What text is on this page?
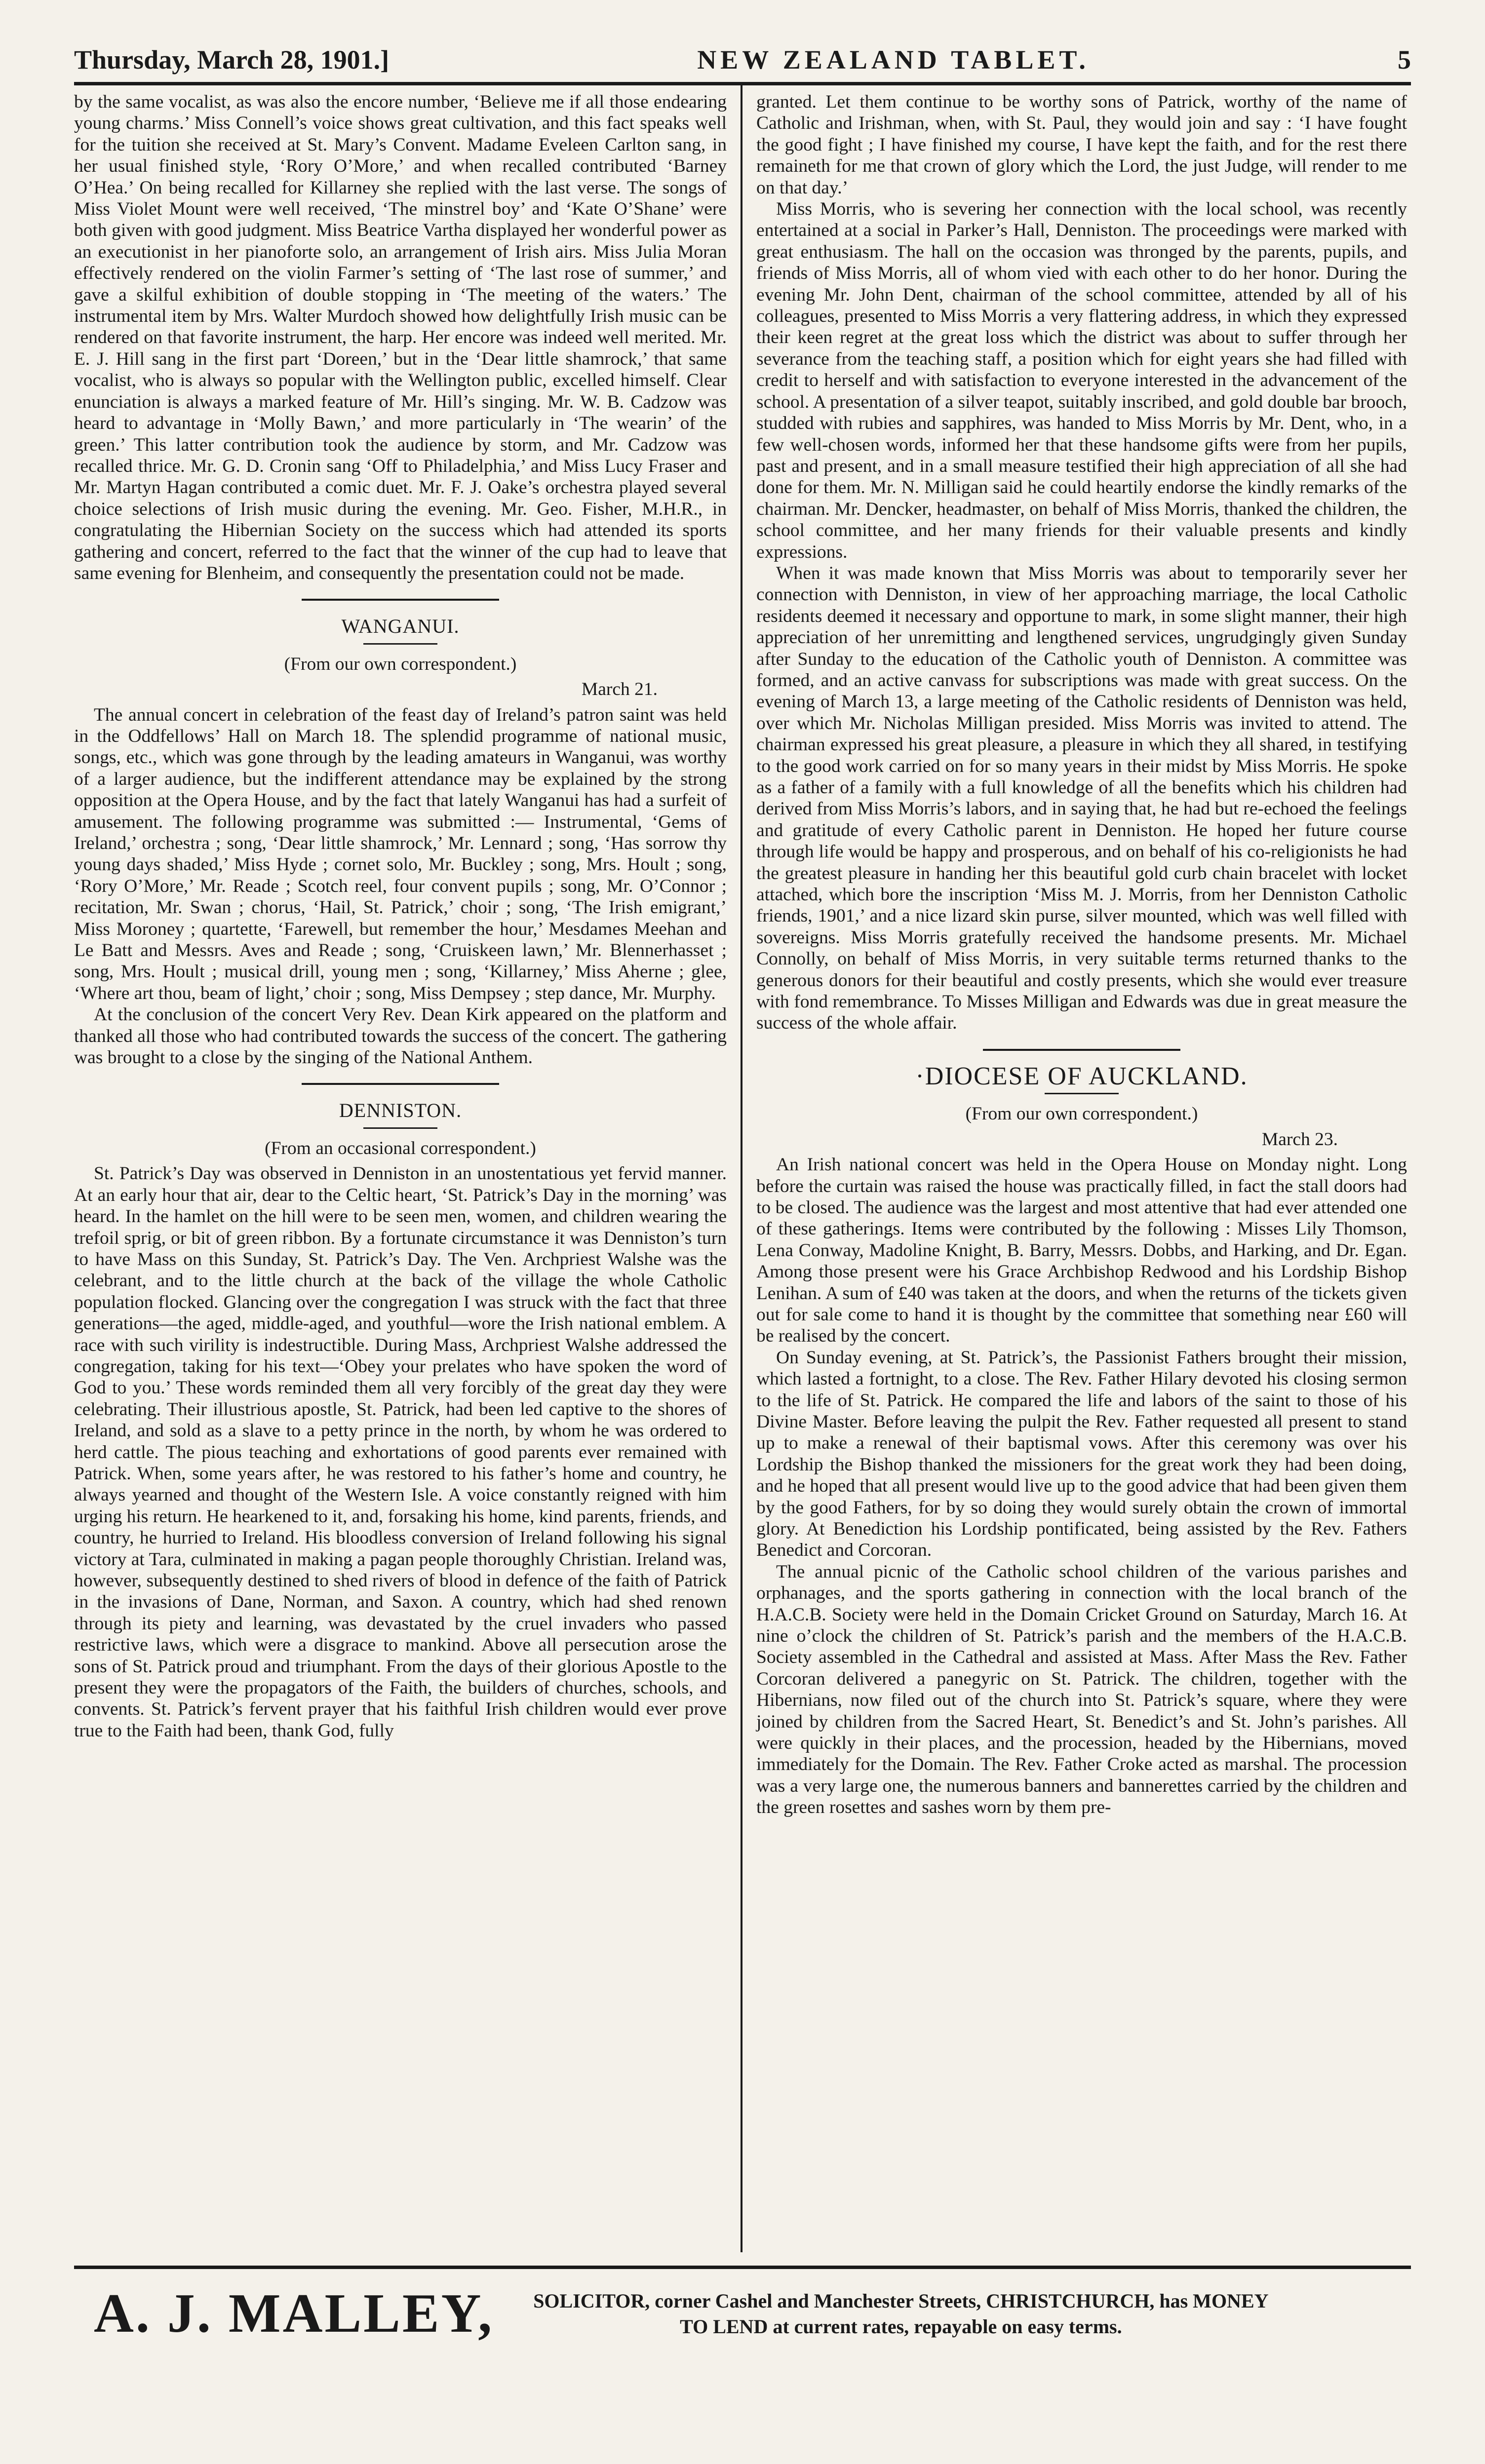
Thursday, March 28, 1901.]	NEW ZEALAND TABLET.	5

by the same vocalist, as was also the encore number, ‘Believe me if all those endearing young charms.’ Miss Connell’s voice shows great cultivation, and this fact speaks well for the tuition she received at St. Mary’s Convent. Madame Eveleen Carlton sang, in her usual finished style, ‘Rory O’More,’ and when recalled contributed ‘Barney O’Hea.’ On being recalled for Killarney she replied with the last verse. The songs of Miss Violet Mount were well received, ‘The minstrel boy’ and ‘Kate O’Shane’ were both given with good judgment. Miss Beatrice Vartha displayed her wonderful power as an executionist in her pianoforte solo, an arrangement of Irish airs. Miss Julia Moran effectively rendered on the violin Farmer’s setting of ‘The last rose of summer,’ and gave a skilful exhibition of double stopping in ‘The meeting of the waters.’ The instrumental item by Mrs. Walter Murdoch showed how delightfully Irish music can be rendered on that favorite instrument, the harp. Her encore was indeed well merited. Mr. E. J. Hill sang in the first part ‘Doreen,’ but in the ‘Dear little shamrock,’ that same vocalist, who is always so popular with the Wellington public, excelled himself. Clear enunciation is always a marked feature of Mr. Hill’s singing. Mr. W. B. Cadzow was heard to advantage in ‘Molly Bawn,’ and more particularly in ‘The wearin’ of the green.’ This latter contribution took the audience by storm, and Mr. Cadzow was recalled thrice. Mr. G. D. Cronin sang ‘Off to Philadelphia,’ and Miss Lucy Fraser and Mr. Martyn Hagan contributed a comic duet. Mr. F. J. Oake’s orchestra played several choice selections of Irish music during the evening. Mr. Geo. Fisher, M.H.R., in congratulating the Hibernian Society on the success which had attended its sports gathering and concert, referred to the fact that the winner of the cup had to leave that same evening for Blenheim, and consequently the presentation could not be made.

WANGANUI.
(From our own correspondent.)
March 21.

The annual concert in celebration of the feast day of Ireland’s patron saint was held in the Oddfellows’ Hall on March 18. The splendid programme of national music, songs, etc., which was gone through by the leading amateurs in Wanganui, was worthy of a larger audience, but the indifferent attendance may be explained by the strong opposition at the Opera House, and by the fact that lately Wanganui has had a surfeit of amusement. The following programme was submitted :— Instrumental, ‘Gems of Ireland,’ orchestra ; song, ‘Dear little shamrock,’ Mr. Lennard ; song, ‘Has sorrow thy young days shaded,’ Miss Hyde ; cornet solo, Mr. Buckley ; song, Mrs. Hoult ; song, ‘Rory O’More,’ Mr. Reade ; Scotch reel, four convent pupils ; song, Mr. O’Connor ; recitation, Mr. Swan ; chorus, ‘Hail, St. Patrick,’ choir ; song, ‘The Irish emigrant,’ Miss Moroney ; quartette, ‘Farewell, but remember the hour,’ Mesdames Meehan and Le Batt and Messrs. Aves and Reade ; song, ‘Cruiskeen lawn,’ Mr. Blennerhasset ; song, Mrs. Hoult ; musical drill, young men ; song, ‘Killarney,’ Miss Aherne ; glee, ‘Where art thou, beam of light,’ choir ; song, Miss Dempsey ; step dance, Mr. Murphy.

At the conclusion of the concert Very Rev. Dean Kirk appeared on the platform and thanked all those who had contributed towards the success of the concert. The gathering was brought to a close by the singing of the National Anthem.

DENNISTON.
(From an occasional correspondent.)

St. Patrick’s Day was observed in Denniston in an unostentatious yet fervid manner. At an early hour that air, dear to the Celtic heart, ‘St. Patrick’s Day in the morning’ was heard. In the hamlet on the hill were to be seen men, women, and children wearing the trefoil sprig, or bit of green ribbon. By a fortunate circumstance it was Denniston’s turn to have Mass on this Sunday, St. Patrick’s Day. The Ven. Archpriest Walshe was the celebrant, and to the little church at the back of the village the whole Catholic population flocked. Glancing over the congregation I was struck with the fact that three generations—the aged, middle-aged, and youthful—wore the Irish national emblem. A race with such virility is indestructible. During Mass, Archpriest Walshe addressed the congregation, taking for his text—‘Obey your prelates who have spoken the word of God to you.’ These words reminded them all very forcibly of the great day they were celebrating. Their illustrious apostle, St. Patrick, had been led captive to the shores of Ireland, and sold as a slave to a petty prince in the north, by whom he was ordered to herd cattle. The pious teaching and exhortations of good parents ever remained with Patrick. When, some years after, he was restored to his father’s home and country, he always yearned and thought of the Western Isle. A voice constantly reigned with him urging his return. He hearkened to it, and, forsaking his home, kind parents, friends, and country, he hurried to Ireland. His bloodless conversion of Ireland following his signal victory at Tara, culminated in making a pagan people thoroughly Christian. Ireland was, however, subsequently destined to shed rivers of blood in defence of the faith of Patrick in the invasions of Dane, Norman, and Saxon. A country, which had shed renown through its piety and learning, was devastated by the cruel invaders who passed restrictive laws, which were a disgrace to mankind. Above all persecution arose the sons of St. Patrick proud and triumphant. From the days of their glorious Apostle to the present they were the propagators of the Faith, the builders of churches, schools, and convents. St. Patrick’s fervent prayer that his faithful Irish children would ever prove true to the Faith had been, thank God, fully

granted. Let them continue to be worthy sons of Patrick, worthy of the name of Catholic and Irishman, when, with St. Paul, they would join and say : ‘I have fought the good fight ; I have finished my course, I have kept the faith, and for the rest there remaineth for me that crown of glory which the Lord, the just Judge, will render to me on that day.’

Miss Morris, who is severing her connection with the local school, was recently entertained at a social in Parker’s Hall, Denniston. The proceedings were marked with great enthusiasm. The hall on the occasion was thronged by the parents, pupils, and friends of Miss Morris, all of whom vied with each other to do her honor. During the evening Mr. John Dent, chairman of the school committee, attended by all of his colleagues, presented to Miss Morris a very flattering address, in which they expressed their keen regret at the great loss which the district was about to suffer through her severance from the teaching staff, a position which for eight years she had filled with credit to herself and with satisfaction to everyone interested in the advancement of the school. A presentation of a silver teapot, suitably inscribed, and gold double bar brooch, studded with rubies and sapphires, was handed to Miss Morris by Mr. Dent, who, in a few well-chosen words, informed her that these handsome gifts were from her pupils, past and present, and in a small measure testified their high appreciation of all she had done for them. Mr. N. Milligan said he could heartily endorse the kindly remarks of the chairman. Mr. Dencker, headmaster, on behalf of Miss Morris, thanked the children, the school committee, and her many friends for their valuable presents and kindly expressions.

When it was made known that Miss Morris was about to temporarily sever her connection with Denniston, in view of her approaching marriage, the local Catholic residents deemed it necessary and opportune to mark, in some slight manner, their high appreciation of her unremitting and lengthened services, ungrudgingly given Sunday after Sunday to the education of the Catholic youth of Denniston. A committee was formed, and an active canvass for subscriptions was made with great success. On the evening of March 13, a large meeting of the Catholic residents of Denniston was held, over which Mr. Nicholas Milligan presided. Miss Morris was invited to attend. The chairman expressed his great pleasure, a pleasure in which they all shared, in testifying to the good work carried on for so many years in their midst by Miss Morris. He spoke as a father of a family with a full knowledge of all the benefits which his children had derived from Miss Morris’s labors, and in saying that, he had but re-echoed the feelings and gratitude of every Catholic parent in Denniston. He hoped her future course through life would be happy and prosperous, and on behalf of his co-religionists he had the greatest pleasure in handing her this beautiful gold curb chain bracelet with locket attached, which bore the inscription ‘Miss M. J. Morris, from her Denniston Catholic friends, 1901,’ and a nice lizard skin purse, silver mounted, which was well filled with sovereigns. Miss Morris gratefully received the handsome presents. Mr. Michael Connolly, on behalf of Miss Morris, in very suitable terms returned thanks to the generous donors for their beautiful and costly presents, which she would ever treasure with fond remembrance. To Misses Milligan and Edwards was due in great measure the success of the whole affair.

·DIOCESE OF AUCKLAND.
(From our own correspondent.)
March 23.

An Irish national concert was held in the Opera House on Monday night. Long before the curtain was raised the house was practically filled, in fact the stall doors had to be closed. The audience was the largest and most attentive that had ever attended one of these gatherings. Items were contributed by the following : Misses Lily Thomson, Lena Conway, Madoline Knight, B. Barry, Messrs. Dobbs, and Harking, and Dr. Egan. Among those present were his Grace Archbishop Redwood and his Lordship Bishop Lenihan. A sum of £40 was taken at the doors, and when the returns of the tickets given out for sale come to hand it is thought by the committee that something near £60 will be realised by the concert.

On Sunday evening, at St. Patrick’s, the Passionist Fathers brought their mission, which lasted a fortnight, to a close. The Rev. Father Hilary devoted his closing sermon to the life of St. Patrick. He compared the life and labors of the saint to those of his Divine Master. Before leaving the pulpit the Rev. Father requested all present to stand up to make a renewal of their baptismal vows. After this ceremony was over his Lordship the Bishop thanked the missioners for the great work they had been doing, and he hoped that all present would live up to the good advice that had been given them by the good Fathers, for by so doing they would surely obtain the crown of immortal glory. At Benediction his Lordship pontificated, being assisted by the Rev. Fathers Benedict and Corcoran.

The annual picnic of the Catholic school children of the various parishes and orphanages, and the sports gathering in connection with the local branch of the H.A.C.B. Society were held in the Domain Cricket Ground on Saturday, March 16. At nine o’clock the children of St. Patrick’s parish and the members of the H.A.C.B. Society assembled in the Cathedral and assisted at Mass. After Mass the Rev. Father Corcoran delivered a panegyric on St. Patrick. The children, together with the Hibernians, now filed out of the church into St. Patrick’s square, where they were joined by children from the Sacred Heart, St. Benedict’s and St. John’s parishes. All were quickly in their places, and the procession, headed by the Hibernians, moved immediately for the Domain. The Rev. Father Croke acted as marshal. The procession was a very large one, the numerous banners and bannerettes carried by the children and the green rosettes and sashes worn by them pre-

A. J. MALLEY, SOLICITOR, corner Cashel and Manchester Streets, CHRISTCHURCH, has MONEY
TO LEND at current rates, repayable on easy terms.
